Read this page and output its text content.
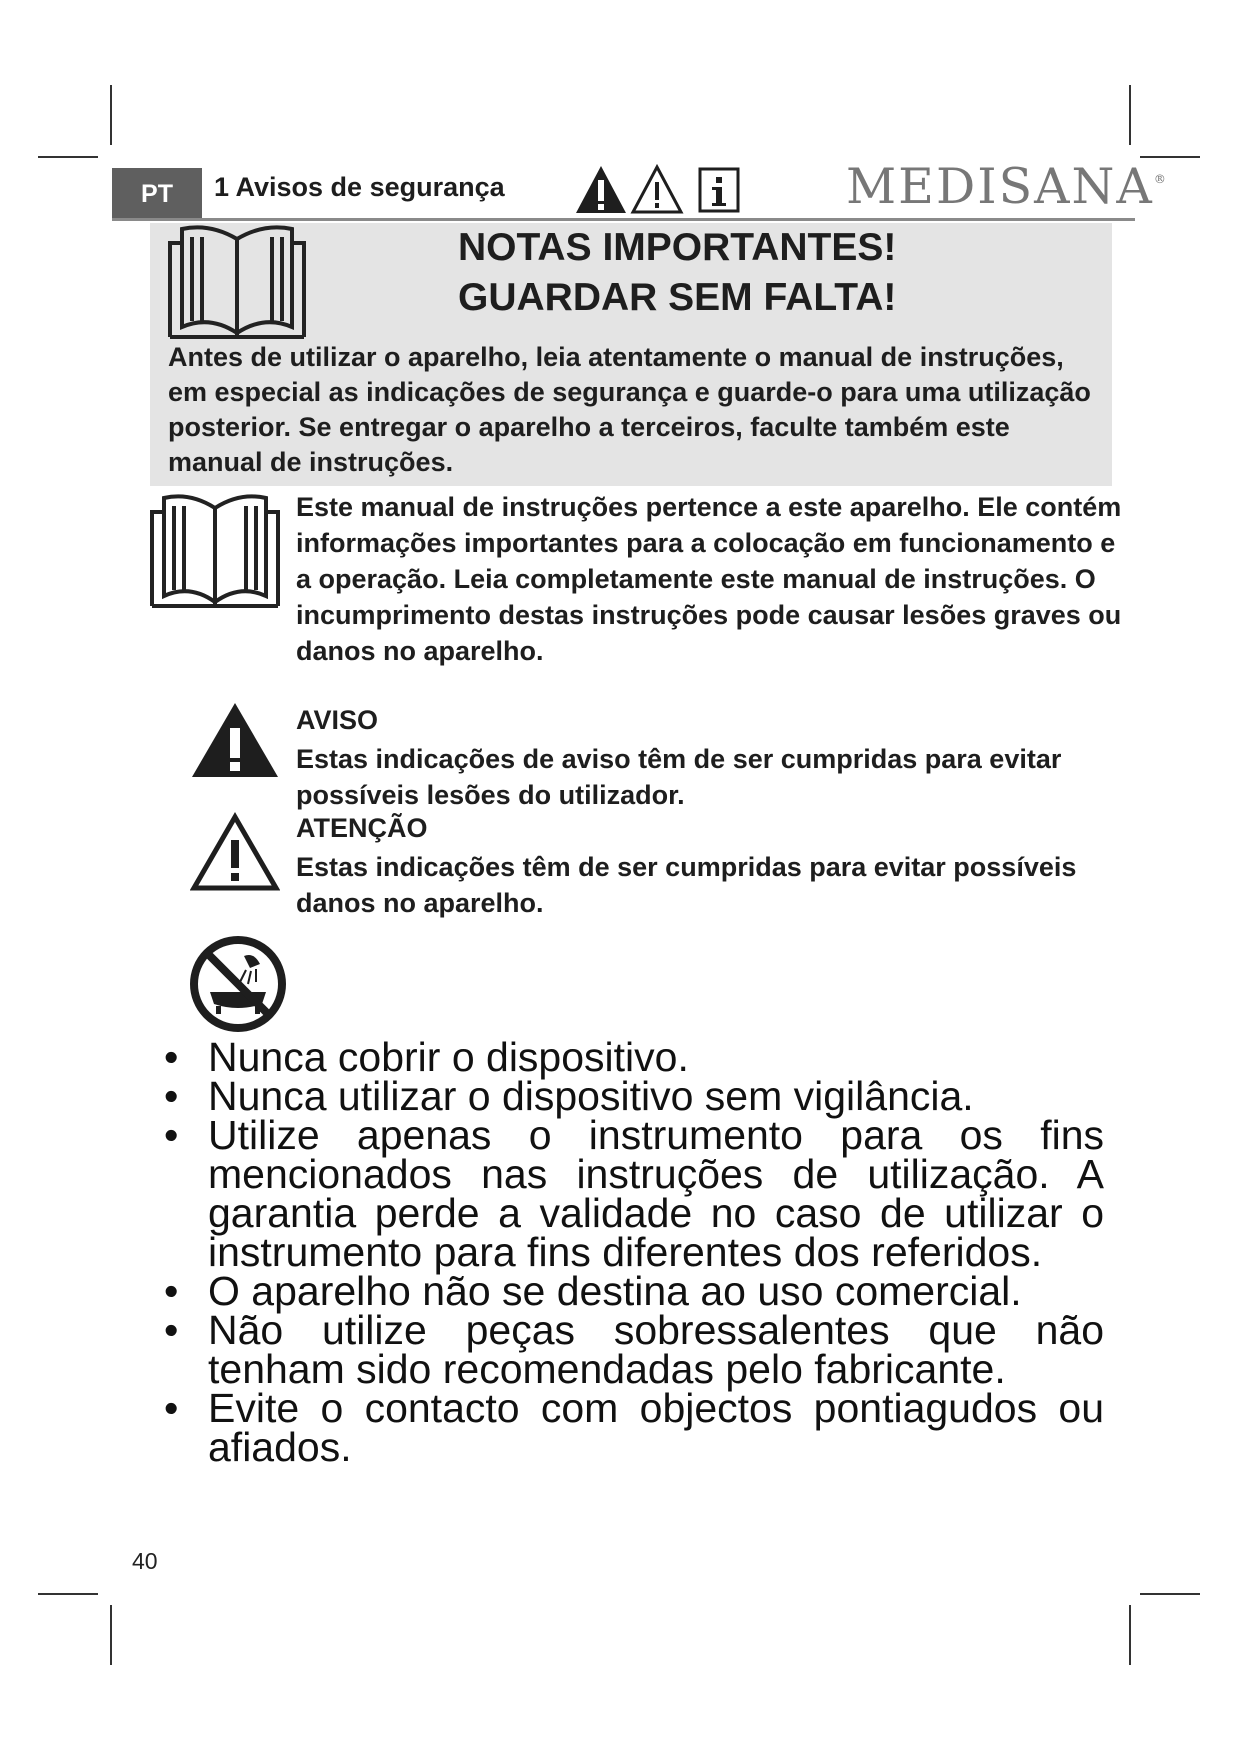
PT	1 Avisos de segurança	MEDISANA®
NOTAS IMPORTANTES!
GUARDAR SEM FALTA!
Antes de utilizar o aparelho, leia atentamente o manual de instruções, em especial as indicações de segurança e guarde-o para uma utilização posterior. Se entregar o aparelho a terceiros, faculte também este manual de instruções.
Este manual de instruções pertence a este aparelho. Ele contém informações importantes para a colocação em funcionamento e a operação. Leia completamente este manual de instruções. O incumprimento destas instruções pode causar lesões graves ou danos no aparelho.
AVISO
Estas indicações de aviso têm de ser cumpridas para evitar possíveis lesões do utilizador.
ATENÇÃO
Estas indicações têm de ser cumpridas para evitar possíveis danos no aparelho.
• Nunca cobrir o dispositivo.
• Nunca utilizar o dispositivo sem vigilância.
• Utilize apenas o instrumento para os fins mencionados nas instruções de utilização. A garantia perde a validade no caso de utilizar o instrumento para fins diferentes dos referidos.
• O aparelho não se destina ao uso comercial.
• Não utilize peças sobressalentes que não tenham sido recomendadas pelo fabricante.
• Evite o contacto com objectos pontiagudos ou afiados.
40
